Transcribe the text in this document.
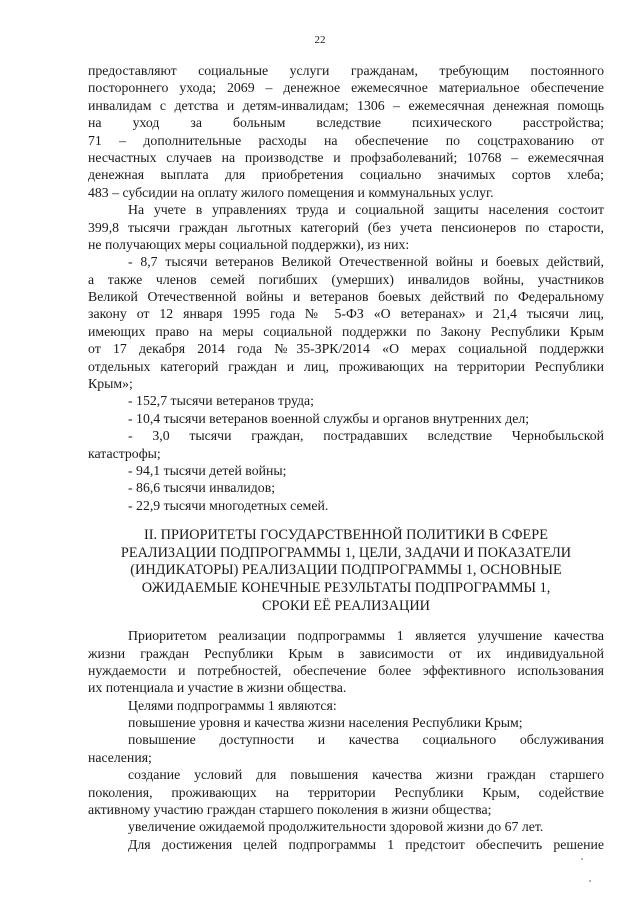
22
предоставляют социальные услуги гражданам, требующим постоянного
постороннего ухода; 2069 – денежное ежемесячное материальное обеспечение
инвалидам с детства и детям-инвалидам; 1306 – ежемесячная денежная помощь
на уход за больным вследствие психического расстройства;
71 – дополнительные расходы на обеспечение по соцстрахованию от
несчастных случаев на производстве и профзаболеваний; 10768 – ежемесячная
денежная выплата для приобретения социально значимых сортов хлеба;
483 – субсидии на оплату жилого помещения и коммунальных услуг.
На учете в управлениях труда и социальной защиты населения состоит
399,8 тысячи граждан льготных категорий (без учета пенсионеров по старости,
не получающих меры социальной поддержки), из них:
- 8,7 тысячи ветеранов Великой Отечественной войны и боевых действий,
а также членов семей погибших (умерших) инвалидов войны, участников
Великой Отечественной войны и ветеранов боевых действий по Федеральному
закону от 12 января 1995 года № 5-ФЗ «О ветеранах» и 21,4 тысячи лиц,
имеющих право на меры социальной поддержки по Закону Республики Крым
от 17 декабря 2014 года №35-ЗРК/2014 «О мерах социальной поддержки
отдельных категорий граждан и лиц, проживающих на территории Республики
Крым»;
- 152,7 тысячи ветеранов труда;
- 10,4 тысячи ветеранов военной службы и органов внутренних дел;
- 3,0 тысячи граждан, пострадавших вследствие Чернобыльской
катастрофы;
- 94,1 тысячи детей войны;
- 86,6 тысячи инвалидов;
- 22,9 тысячи многодетных семей.
II. ПРИОРИТЕТЫ ГОСУДАРСТВЕННОЙ ПОЛИТИКИ В СФЕРЕ
РЕАЛИЗАЦИИ ПОДПРОГРАММЫ 1, ЦЕЛИ, ЗАДАЧИ И ПОКАЗАТЕЛИ
(ИНДИКАТОРЫ) РЕАЛИЗАЦИИ ПОДПРОГРАММЫ 1, ОСНОВНЫЕ
ОЖИДАЕМЫЕ КОНЕЧНЫЕ РЕЗУЛЬТАТЫ ПОДПРОГРАММЫ 1,
СРОКИ ЕЁ РЕАЛИЗАЦИИ
Приоритетом реализации подпрограммы 1 является улучшение качества
жизни граждан Республики Крым в зависимости от их индивидуальной
нуждаемости и потребностей, обеспечение более эффективного использования
их потенциала и участие в жизни общества.
Целями подпрограммы 1 являются:
повышение уровня и качества жизни населения Республики Крым;
повышение доступности и качества социального обслуживания
населения;
создание условий для повышения качества жизни граждан старшего
поколения, проживающих на территории Республики Крым, содействие
активному участию граждан старшего поколения в жизни общества;
увеличение ожидаемой продолжительности здоровой жизни до 67 лет.
Для достижения целей подпрограммы 1 предстоит обеспечить решение
